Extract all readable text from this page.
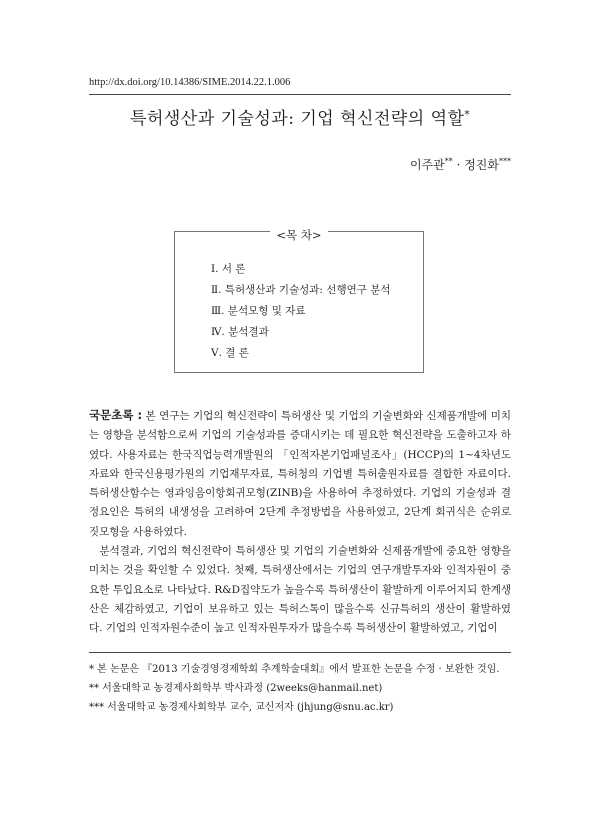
http://dx.doi.org/10.14386/SIME.2014.22.1.006
특허생산과 기술성과: 기업 혁신전략의 역할*
이주관** · 정진화***
<목 차>
Ⅰ. 서 론
Ⅱ. 특허생산과 기술성과: 선행연구 분석
Ⅲ. 분석모형 및 자료
Ⅳ. 분석결과
Ⅴ. 결 론

국문초록 : 본 연구는 기업의 혁신전략이 특허생산 및 기업의 기술변화와 신제품개발에 미치는 영향을 분석함으로써 기업의 기술성과를 증대시키는 데 필요한 혁신전략을 도출하고자 하였다. 사용자료는 한국직업능력개발원의 「인적자본기업패널조사」(HCCP)의 1~4차년도 자료와 한국신용평가원의 기업재무자료, 특허청의 기업별 특허출원자료를 결합한 자료이다. 특허생산함수는 영과잉음이항회귀모형(ZINB)을 사용하여 추정하였다. 기업의 기술성과 결정요인은 특허의 내생성을 고려하여 2단계 추정방법을 사용하였고, 2단계 회귀식은 순위로짓모형을 사용하였다.

분석결과, 기업의 혁신전략이 특허생산 및 기업의 기술변화와 신제품개발에 중요한 영향을 미치는 것을 확인할 수 있었다. 첫째, 특허생산에서는 기업의 연구개발투자와 인적자원이 중요한 투입요소로 나타났다. R&D집약도가 높을수록 특허생산이 활발하게 이루어지되 한계생산은 체감하였고, 기업이 보유하고 있는 특허스톡이 많을수록 신규특허의 생산이 활발하였다. 기업의 인적자원수준이 높고 인적자원투자가 많을수록 특허생산이 활발하였고, 기업이

* 본 논문은 『2013 기술경영경제학회 추계학술대회』에서 발표한 논문을 수정 · 보완한 것임.
** 서울대학교 농경제사회학부 박사과정 (2weeks@hanmail.net)
*** 서울대학교 농경제사회학부 교수, 교신저자 (jhjung@snu.ac.kr)
